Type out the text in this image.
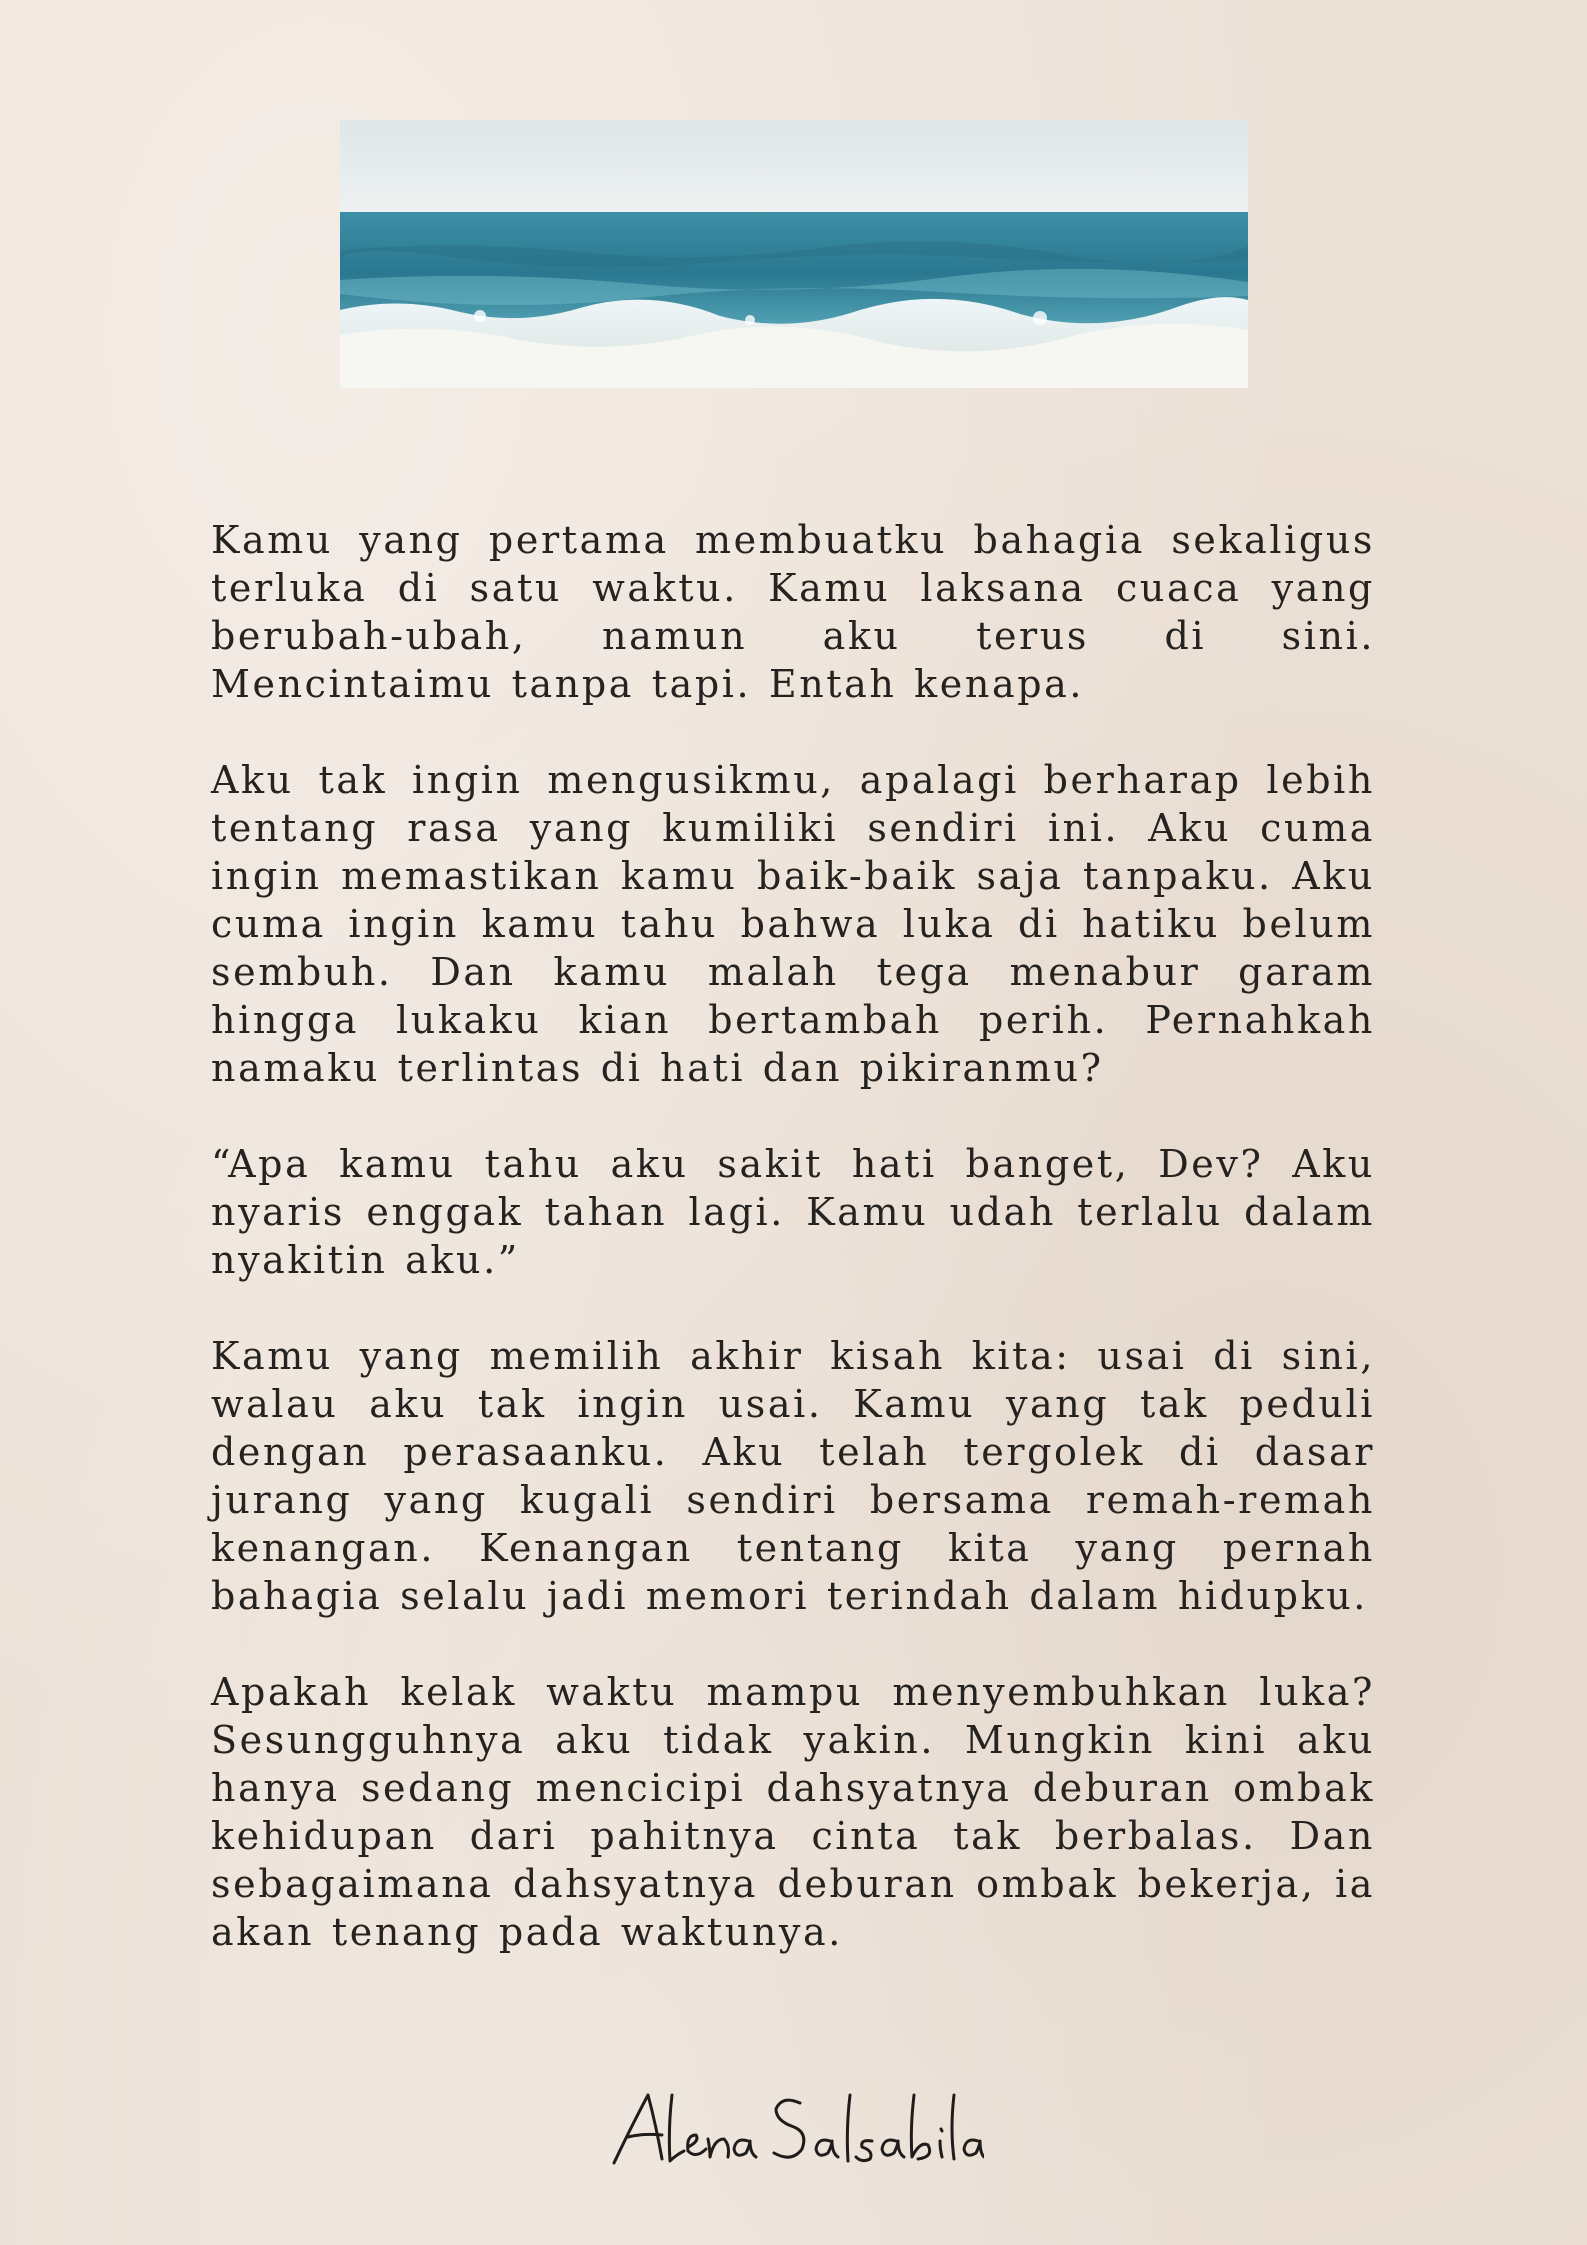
Kamu yang pertama membuatku bahagia sekaligus terluka di satu waktu. Kamu laksana cuaca yang berubah-ubah, namun aku terus di sini. Mencintaimu tanpa tapi. Entah kenapa.

Aku tak ingin mengusikmu, apalagi berharap lebih tentang rasa yang kumiliki sendiri ini. Aku cuma ingin memastikan kamu baik-baik saja tanpaku. Aku cuma ingin kamu tahu bahwa luka di hatiku belum sembuh. Dan kamu malah tega menabur garam hingga lukaku kian bertambah perih. Pernahkah namaku terlintas di hati dan pikiranmu?

“Apa kamu tahu aku sakit hati banget, Dev? Aku nyaris enggak tahan lagi. Kamu udah terlalu dalam nyakitin aku.”

Kamu yang memilih akhir kisah kita: usai di sini, walau aku tak ingin usai. Kamu yang tak peduli dengan perasaanku. Aku telah tergolek di dasar jurang yang kugali sendiri bersama remah-remah kenangan. Kenangan tentang kita yang pernah bahagia selalu jadi memori terindah dalam hidupku.

Apakah kelak waktu mampu menyembuhkan luka? Sesungguhnya aku tidak yakin. Mungkin kini aku hanya sedang mencicipi dahsyatnya deburan ombak kehidupan dari pahitnya cinta tak berbalas. Dan sebagaimana dahsyatnya deburan ombak bekerja, ia akan tenang pada waktunya.
